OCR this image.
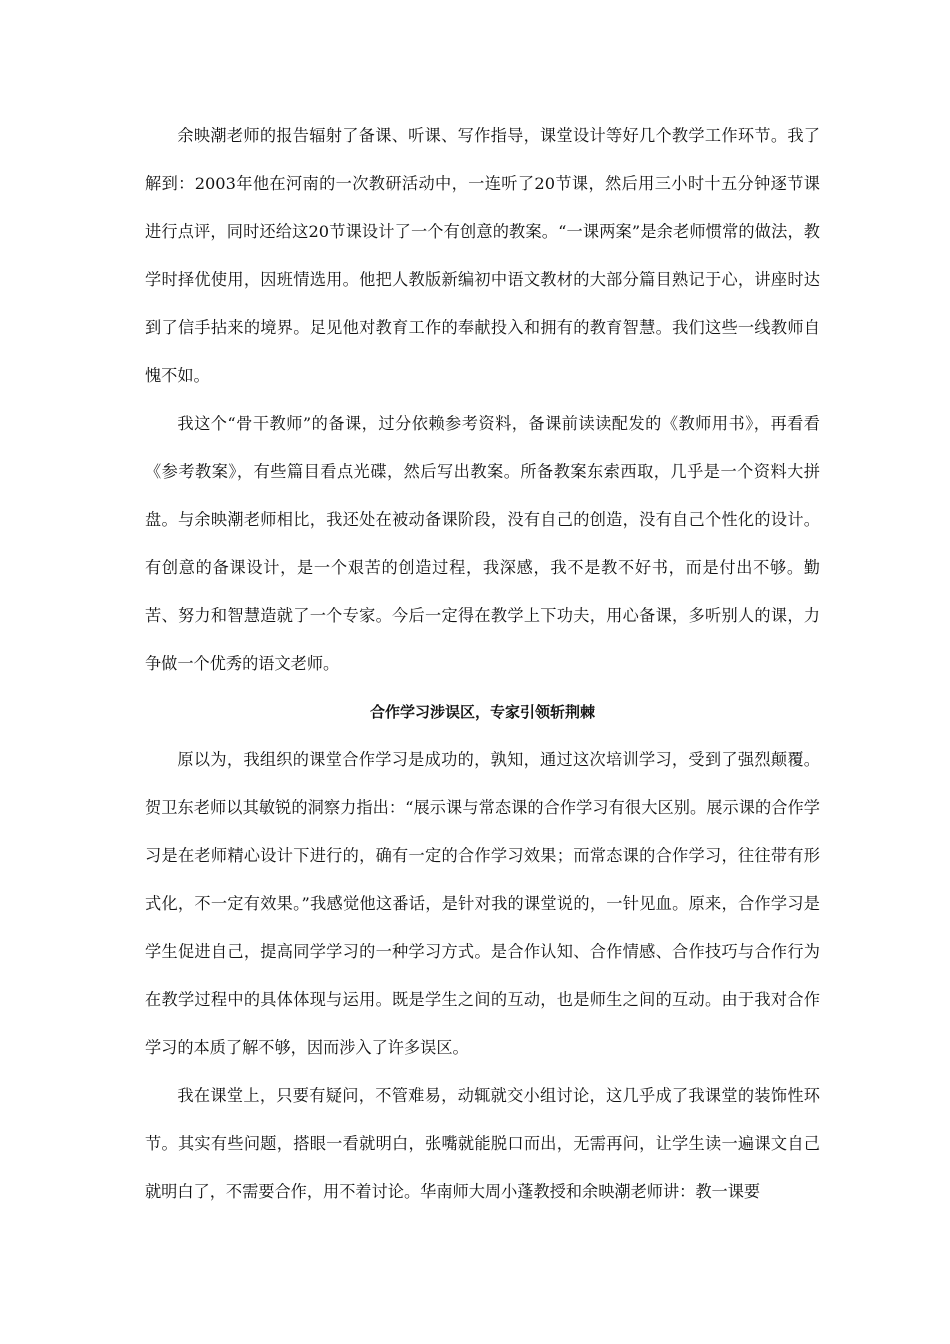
余映潮老师的报告辐射了备课、听课、写作指导，课堂设计等好几个教学工作环节。我了解到：2003年他在河南的一次教研活动中，一连听了20节课，然后用三小时十五分钟逐节课进行点评，同时还给这20节课设计了一个有创意的教案。“一课两案”是余老师惯常的做法，教学时择优使用，因班情选用。他把人教版新编初中语文教材的大部分篇目熟记于心，讲座时达到了信手拈来的境界。足见他对教育工作的奉献投入和拥有的教育智慧。我们这些一线教师自愧不如。

我这个“骨干教师”的备课，过分依赖参考资料，备课前读读配发的《教师用书》，再看看《参考教案》，有些篇目看点光碟，然后写出教案。所备教案东索西取，几乎是一个资料大拼盘。与余映潮老师相比，我还处在被动备课阶段，没有自己的创造，没有自己个性化的设计。有创意的备课设计，是一个艰苦的创造过程，我深感，我不是教不好书，而是付出不够。勤苦、努力和智慧造就了一个专家。今后一定得在教学上下功夫，用心备课，多听别人的课，力争做一个优秀的语文老师。

合作学习涉误区，专家引领斩荆棘

原以为，我组织的课堂合作学习是成功的，孰知，通过这次培训学习，受到了强烈颠覆。贺卫东老师以其敏锐的洞察力指出：“展示课与常态课的合作学习有很大区别。展示课的合作学习是在老师精心设计下进行的，确有一定的合作学习效果；而常态课的合作学习，往往带有形式化，不一定有效果。”我感觉他这番话，是针对我的课堂说的，一针见血。原来，合作学习是学生促进自己，提高同学学习的一种学习方式。是合作认知、合作情感、合作技巧与合作行为在教学过程中的具体体现与运用。既是学生之间的互动，也是师生之间的互动。由于我对合作学习的本质了解不够，因而涉入了许多误区。

我在课堂上，只要有疑问，不管难易，动辄就交小组讨论，这几乎成了我课堂的装饰性环节。其实有些问题，搭眼一看就明白，张嘴就能脱口而出，无需再问，让学生读一遍课文自己就明白了，不需要合作，用不着讨论。华南师大周小蓬教授和余映潮老师讲：教一课要
